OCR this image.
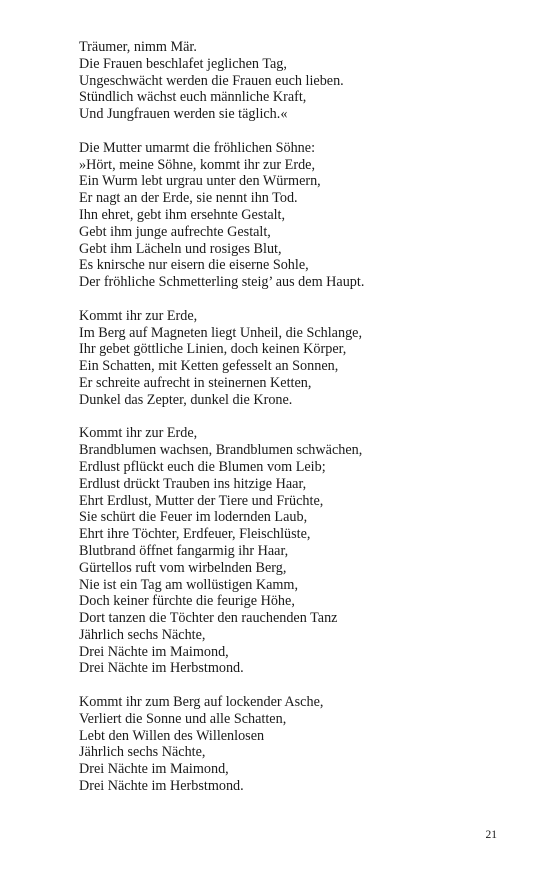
Träumer, nimm Mär.
Die Frauen beschlafet jeglichen Tag,
Ungeschwächt werden die Frauen euch lieben.
Stündlich wächst euch männliche Kraft,
Und Jungfrauen werden sie täglich.«
Die Mutter umarmt die fröhlichen Söhne:
»Hört, meine Söhne, kommt ihr zur Erde,
Ein Wurm lebt urgrau unter den Würmern,
Er nagt an der Erde, sie nennt ihn Tod.
Ihn ehret, gebt ihm ersehnte Gestalt,
Gebt ihm junge aufrechte Gestalt,
Gebt ihm Lächeln und rosiges Blut,
Es knirsche nur eisern die eiserne Sohle,
Der fröhliche Schmetterling steig’ aus dem Haupt.
Kommt ihr zur Erde,
Im Berg auf Magneten liegt Unheil, die Schlange,
Ihr gebet göttliche Linien, doch keinen Körper,
Ein Schatten, mit Ketten gefesselt an Sonnen,
Er schreite aufrecht in steinernen Ketten,
Dunkel das Zepter, dunkel die Krone.
Kommt ihr zur Erde,
Brandblumen wachsen, Brandblumen schwächen,
Erdlust pflückt euch die Blumen vom Leib;
Erdlust drückt Trauben ins hitzige Haar,
Ehrt Erdlust, Mutter der Tiere und Früchte,
Sie schürt die Feuer im lodernden Laub,
Ehrt ihre Töchter, Erdfeuer, Fleischlüste,
Blutbrand öffnet fangarmig ihr Haar,
Gürtellos ruft vom wirbelnden Berg,
Nie ist ein Tag am wollüstigen Kamm,
Doch keiner fürchte die feurige Höhe,
Dort tanzen die Töchter den rauchenden Tanz
Jährlich sechs Nächte,
Drei Nächte im Maimond,
Drei Nächte im Herbstmond.
Kommt ihr zum Berg auf lockender Asche,
Verliert die Sonne und alle Schatten,
Lebt den Willen des Willenlosen
Jährlich sechs Nächte,
Drei Nächte im Maimond,
Drei Nächte im Herbstmond.
21
